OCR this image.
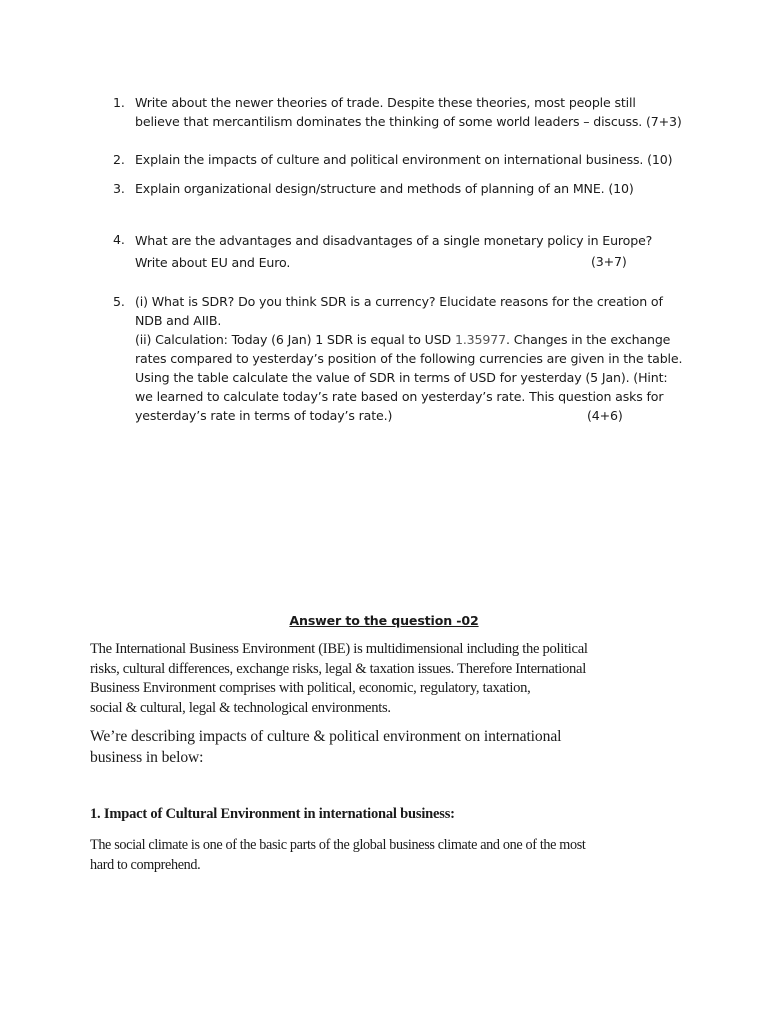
1. Write about the newer theories of trade. Despite these theories, most people still
believe that mercantilism dominates the thinking of some world leaders – discuss. (7+3)
2. Explain the impacts of culture and political environment on international business. (10)
3. Explain organizational design/structure and methods of planning of an MNE. (10)
4. What are the advantages and disadvantages of a single monetary policy in Europe?
Write about EU and Euro.	(3+7)
5. (i) What is SDR? Do you think SDR is a currency? Elucidate reasons for the creation of
NDB and AIIB.
(ii) Calculation: Today (6 Jan) 1 SDR is equal to USD 1.35977. Changes in the exchange
rates compared to yesterday’s position of the following currencies are given in the table.
Using the table calculate the value of SDR in terms of USD for yesterday (5 Jan). (Hint:
we learned to calculate today’s rate based on yesterday’s rate. This question asks for
yesterday’s rate in terms of today’s rate.)	(4+6)
Answer to the question -02
The International Business Environment (IBE) is multidimensional including the political
risks, cultural differences, exchange risks, legal & taxation issues. Therefore International
Business Environment comprises with political, economic, regulatory, taxation,
social & cultural, legal & technological environments.
We’re describing impacts of culture & political environment on international
business in below:
1. Impact of Cultural Environment in international business:
The social climate is one of the basic parts of the global business climate and one of the most
hard to comprehend.
